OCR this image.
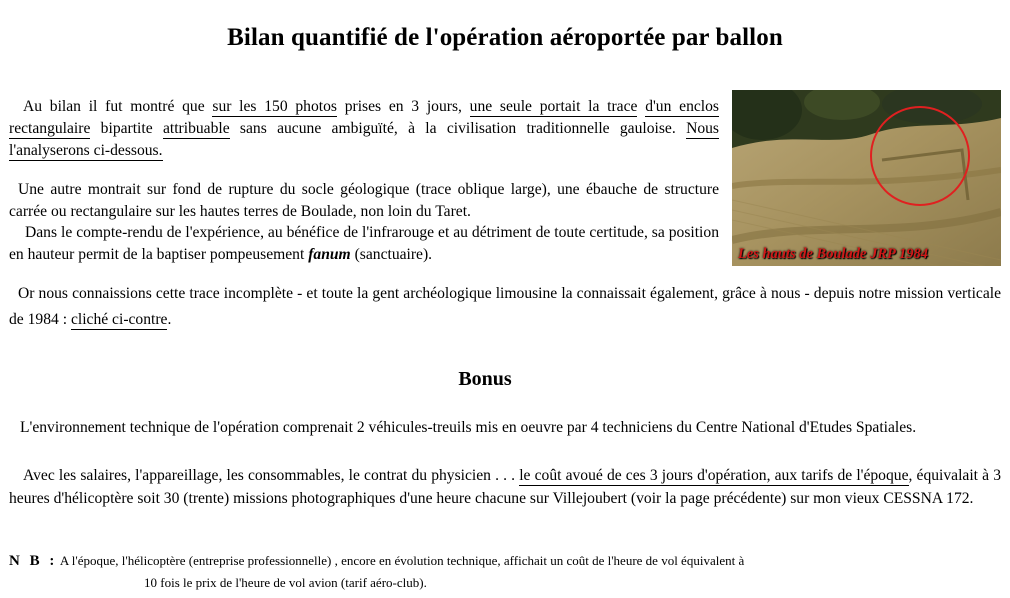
Bilan quantifié de l'opération aéroportée par ballon

Au bilan il fut montré que sur les 150 photos prises en 3 jours, une seule portait la trace d'un enclos rectangulaire bipartite attribuable sans aucune ambiguïté, à la civilisation traditionnelle gauloise. Nous l'analyserons ci-dessous.

Une autre montrait sur fond de rupture du socle géologique (trace oblique large), une ébauche de structure carrée ou rectangulaire sur les hautes terres de Boulade, non loin du Taret.

Dans le compte-rendu de l'expérience, au bénéfice de l'infrarouge et au détriment de toute certitude, sa position en hauteur permit de la baptiser pompeusement fanum (sanctuaire).	Les hauts de Boulade JRP 1984

Or nous connaissions cette trace incomplète - et toute la gent archéologique limousine la connaissait également, grâce à nous - depuis notre mission verticale de 1984 : cliché ci-contre.

Bonus

L'environnement technique de l'opération comprenait 2 véhicules-treuils mis en oeuvre par 4 techniciens du Centre National d'Etudes Spatiales.

Avec les salaires, l'appareillage, les consommables, le contrat du physicien . . . le coût avoué de ces 3 jours d'opération, aux tarifs de l'époque, équivalait à 3 heures d'hélicoptère soit 30 (trente) missions photographiques d'une heure chacune sur Villejoubert (voir la page précédente) sur mon vieux CESSNA 172.

N B : A l'époque, l'hélicoptère (entreprise professionnelle) , encore en évolution technique, affichait un coût de l'heure de vol équivalent à
10 fois le prix de l'heure de vol avion (tarif aéro-club).
